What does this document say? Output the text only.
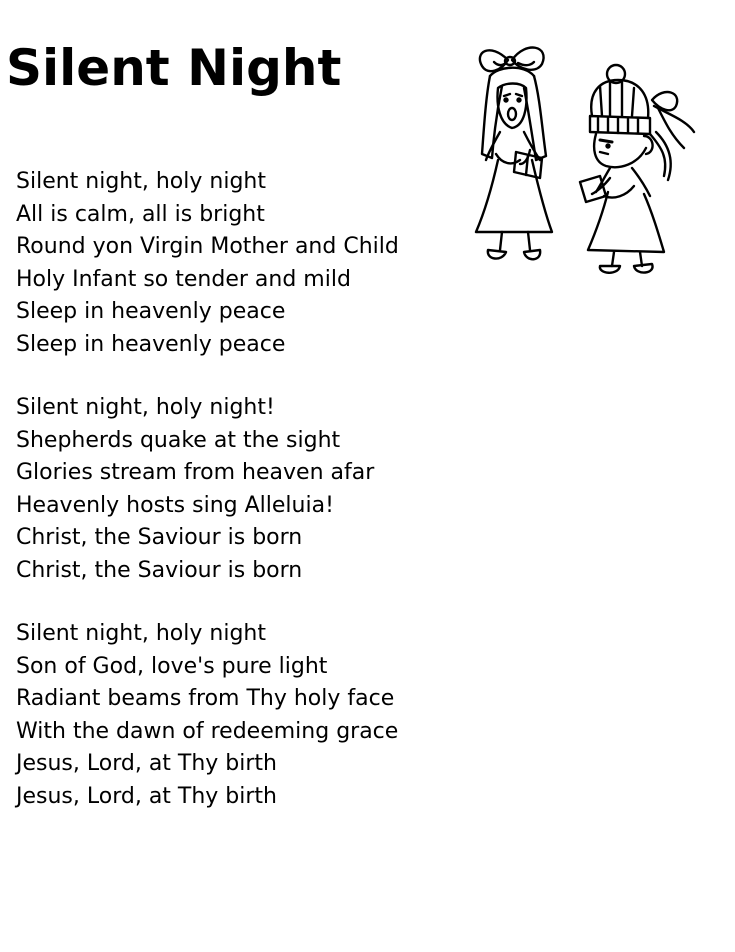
Silent Night
Silent night, holy night
All is calm, all is bright
Round yon Virgin Mother and Child
Holy Infant so tender and mild
Sleep in heavenly peace
Sleep in heavenly peace
Silent night, holy night!
Shepherds quake at the sight
Glories stream from heaven afar
Heavenly hosts sing Alleluia!
Christ, the Saviour is born
Christ, the Saviour is born
Silent night, holy night
Son of God, love's pure light
Radiant beams from Thy holy face
With the dawn of redeeming grace
Jesus, Lord, at Thy birth
Jesus, Lord, at Thy birth
